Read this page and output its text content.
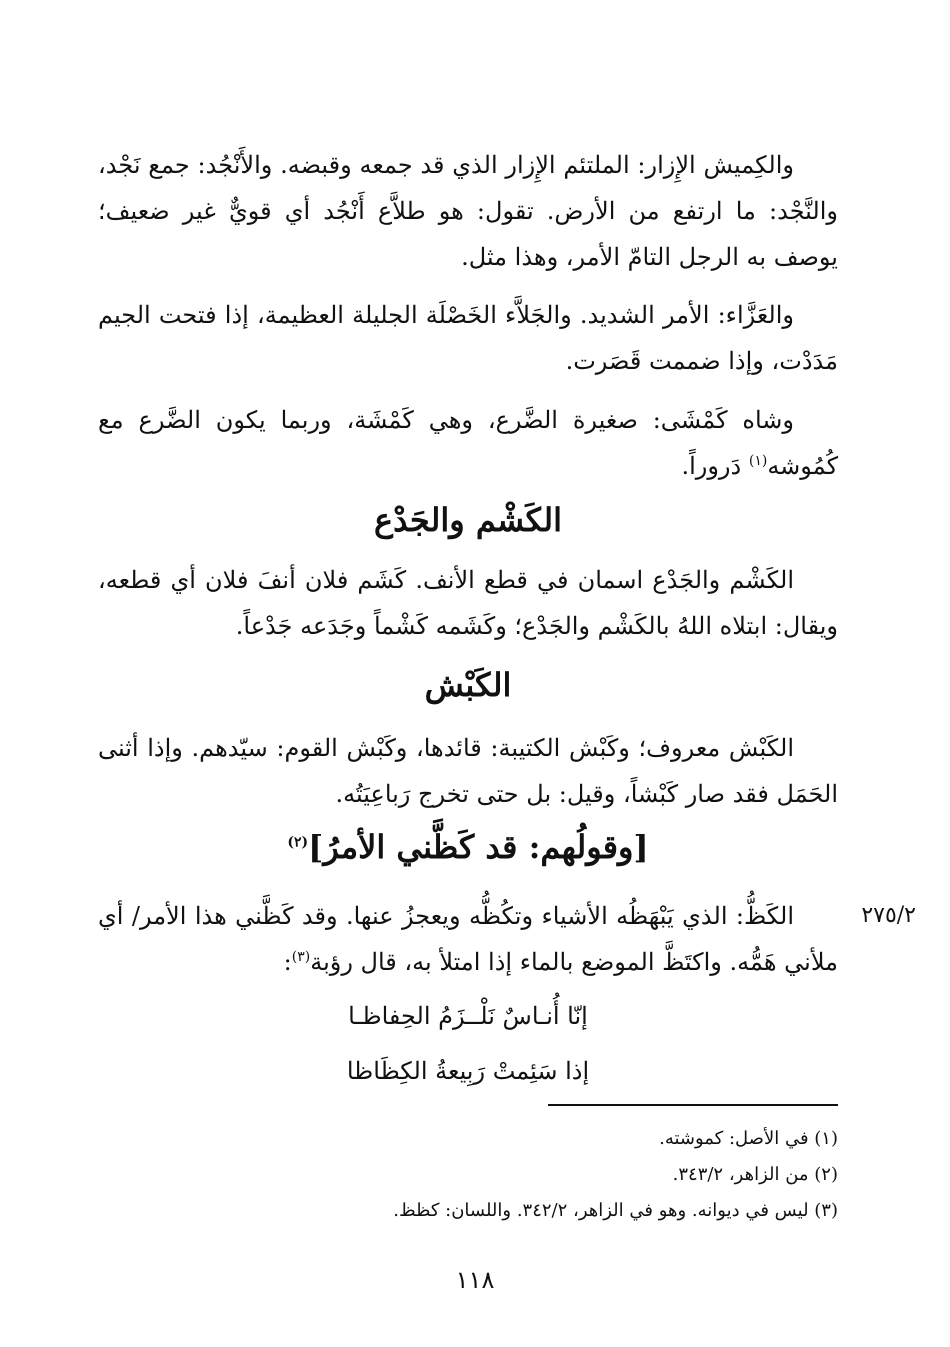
والكِميش الإِزار: الملتئم الإِزار الذي قد جمعه وقبضه. والأَنْجُد: جمع نَجْد، والنَّجْد: ما ارتفع من الأرض. تقول: هو طلاَّع أَنْجُد أي قويٌّ غير ضعيف؛ يوصف به الرجل التامّ الأمر، وهذا مثل.

والعَزَّاء: الأمر الشديد. والجَلاَّء الخَصْلَة الجليلة العظيمة، إذا فتحت الجيم مَدَدْت، وإذا ضممت قَصَرت.

وشاه كَمْشَى: صغيرة الضَّرع، وهي كَمْشَة، وربما يكون الضَّرع مع كُمُوشه$^{(١)}$ دَروراً.

الكَشْم والجَدْع

الكَشْم والجَدْع اسمان في قطع الأنف. كَشَم فلان أنفَ فلان أي قطعه، ويقال: ابتلاه اللهُ بالكَشْم والجَدْع؛ وكَشَمه كَشْماً وجَدَعه جَدْعاً.

الكَبْش

الكَبْش معروف؛ وكَبْش الكتيبة: قائدها، وكَبْش القوم: سيّدهم. وإذا أثنى الحَمَل فقد صار كَبْشاً، وقيل: بل حتى تخرج رَباعِيَتُه.

[وقولُهم: قد كَظَّني الأمرُ]$^{(٢)}$
٢٧٥/٢

الكَظُّ: الذي يَبْهَظُه الأشياء وتكُظُّه ويعجزُ عنها. وقد كَظَّني هذا الأمر/ أي ملأني هَمُّه. واكتَظَّ الموضع بالماء إذا امتلأ به، قال رؤبة$^{(٣)}$:

إنّا أُنـاسٌ نَلْــزَمُ الحِفاظـا

إذا سَئِمتْ رَبِيعةُ الكِظَاظا

(١) في الأصل: كموشته.

(٢) من الزاهر، ٣٤٣/٢.

(٣) ليس في ديوانه. وهو في الزاهر، ٣٤٢/٢. واللسان: كظظ.

١١٨
